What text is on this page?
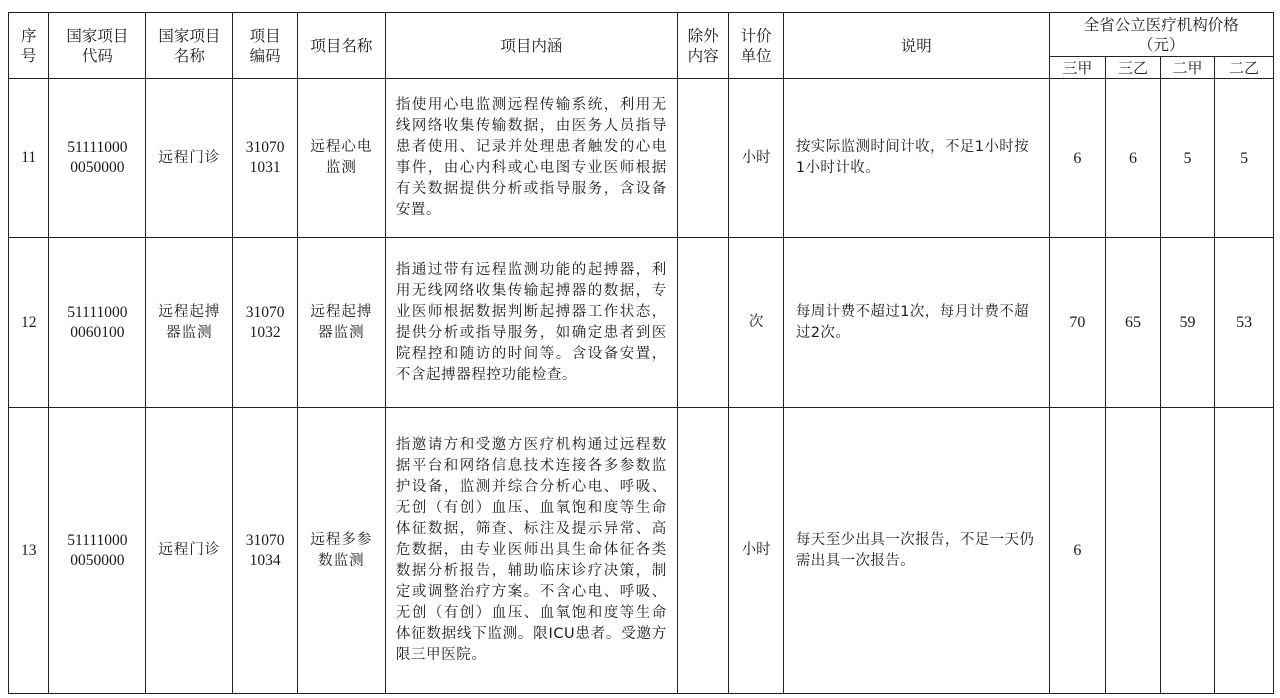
序号	国家项目代码	国家项目名称	项目编码	项目名称	项目内涵	除外内容	计价单位	说明	全省公立医疗机构价格（元）			

									三甲	三乙	二甲	二乙
11	51111000 0050000	远程门诊	31070 1031	远程心电监测	指使用心电监测远程传输系统，利用无线网络收集传输数据，由医务人员指导患者使用、记录并处理患者触发的心电事件，由心内科或心电图专业医师根据有关数据提供分析或指导服务，含设备安置。		小时	按实际监测时间计收，不足1小时按1小时计收。	6	6	5	5
12	51111000 0060100	远程起搏器监测	31070 1032	远程起搏器监测	指通过带有远程监测功能的起搏器，利用无线网络收集传输起搏器的数据，专业医师根据数据判断起搏器工作状态，提供分析或指导服务，如确定患者到医院程控和随访的时间等。含设备安置，不含起搏器程控功能检查。		次	每周计费不超过1次，每月计费不超过2次。	70	65	59	53
13	51111000 0050000	远程门诊	31070 1034	远程多参数监测	指邀请方和受邀方医疗机构通过远程数据平台和网络信息技术连接各多参数监护设备，监测并综合分析心电、呼吸、无创（有创）血压、血氧饱和度等生命体征数据，筛查、标注及提示异常、高危数据，由专业医师出具生命体征各类数据分析报告，辅助临床诊疗决策，制定或调整治疗方案。不含心电、呼吸、无创（有创）血压、血氧饱和度等生命体征数据线下监测。限ICU患者。受邀方限三甲医院。		小时	每天至少出具一次报告，不足一天仍需出具一次报告。	6			
